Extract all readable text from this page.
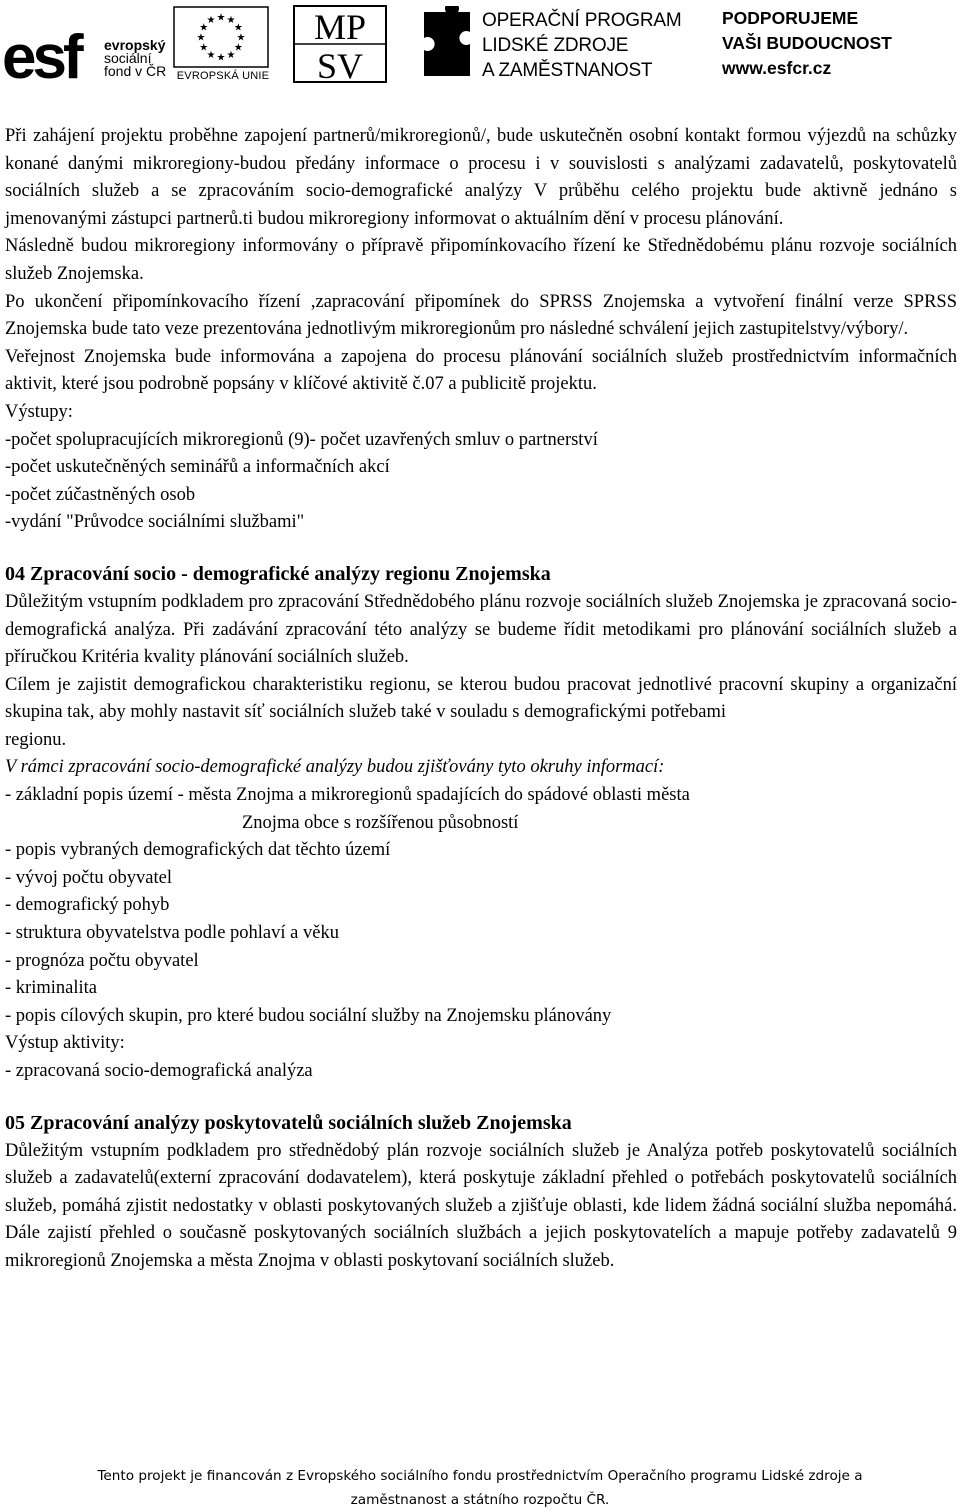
esf	evropský
sociální
fond v ČR
★ ★
★
★
★
★
★
★
★
★
★
★
EVROPSKÁ UNIE
MP
SV
OPERAČNÍ PROGRAM
LIDSKÉ ZDROJE
A ZAMĚSTNANOST
PODPORUJEME
VAŠI BUDOUCNOST
www.esfcr.cz

Při zahájení projektu proběhne zapojení partnerů/mikroregionů/, bude uskutečněn osobní kontakt formou výjezdů na schůzky konané danými mikroregiony-budou předány informace o procesu i v souvislosti s analýzami zadavatelů, poskytovatelů sociálních služeb a se zpracováním socio-demografické analýzy V průběhu celého projektu bude aktivně jednáno s jmenovanými zástupci partnerů.ti budou mikroregiony informovat o aktuálním dění v procesu plánování.

Následně budou mikroregiony informovány o přípravě připomínkovacího řízení ke Střednědobému plánu rozvoje sociálních služeb Znojemska.

Po ukončení připomínkovacího řízení ,zapracování připomínek do SPRSS Znojemska a vytvoření finální verze SPRSS Znojemska bude tato veze prezentována jednotlivým mikroregionům pro následné schválení jejich zastupitelstvy/výbory/.

Veřejnost Znojemska bude informována a zapojena do procesu plánování sociálních služeb prostřednictvím informačních aktivit, které jsou podrobně popsány v klíčové aktivitě č.07 a publicitě projektu.

Výstupy:

-počet spolupracujících mikroregionů (9)- počet uzavřených smluv o partnerství

-počet uskutečněných seminářů a informačních akcí

-počet zúčastněných osob

-vydání "Průvodce sociálními službami"

04 Zpracování socio - demografické analýzy regionu Znojemska

Důležitým vstupním podkladem pro zpracování Střednědobého plánu rozvoje sociálních služeb Znojemska je zpracovaná socio-demografická analýza. Při zadávání zpracování této analýzy se budeme řídit metodikami pro plánování sociálních služeb a příručkou Kritéria kvality plánování sociálních služeb.

Cílem je zajistit demografickou charakteristiku regionu, se kterou budou pracovat jednotlivé pracovní skupiny a organizační skupina tak, aby mohly nastavit síť sociálních služeb také v souladu s demografickými potřebami

regionu.

V rámci zpracování socio-demografické analýzy budou zjišťovány tyto okruhy informací:

- základní popis území - města Znojma a mikroregionů spadajících do spádové oblasti města

Znojma obce s rozšířenou působností

- popis vybraných demografických dat těchto území

- vývoj počtu obyvatel

- demografický pohyb

- struktura obyvatelstva podle pohlaví a věku

- prognóza počtu obyvatel

- kriminalita

- popis cílových skupin, pro které budou sociální služby na Znojemsku plánovány

Výstup aktivity:

- zpracovaná socio-demografická analýza

05 Zpracování analýzy poskytovatelů sociálních služeb Znojemska

Důležitým vstupním podkladem pro střednědobý plán rozvoje sociálních služeb je Analýza potřeb poskytovatelů sociálních služeb a zadavatelů(externí zpracování dodavatelem), která poskytuje základní přehled o potřebách poskytovatelů sociálních služeb, pomáhá zjistit nedostatky v oblasti poskytovaných služeb a zjišťuje oblasti, kde lidem žádná sociální služba nepomáhá. Dále zajistí přehled o současně poskytovaných sociálních službách a jejich poskytovatelích a mapuje potřeby zadavatelů 9 mikroregionů Znojemska a města Znojma v oblasti poskytovaní sociálních služeb.

Tento projekt je financován z Evropského sociálního fondu prostřednictvím Operačního programu Lidské zdroje a
zaměstnanost a státního rozpočtu ČR.
